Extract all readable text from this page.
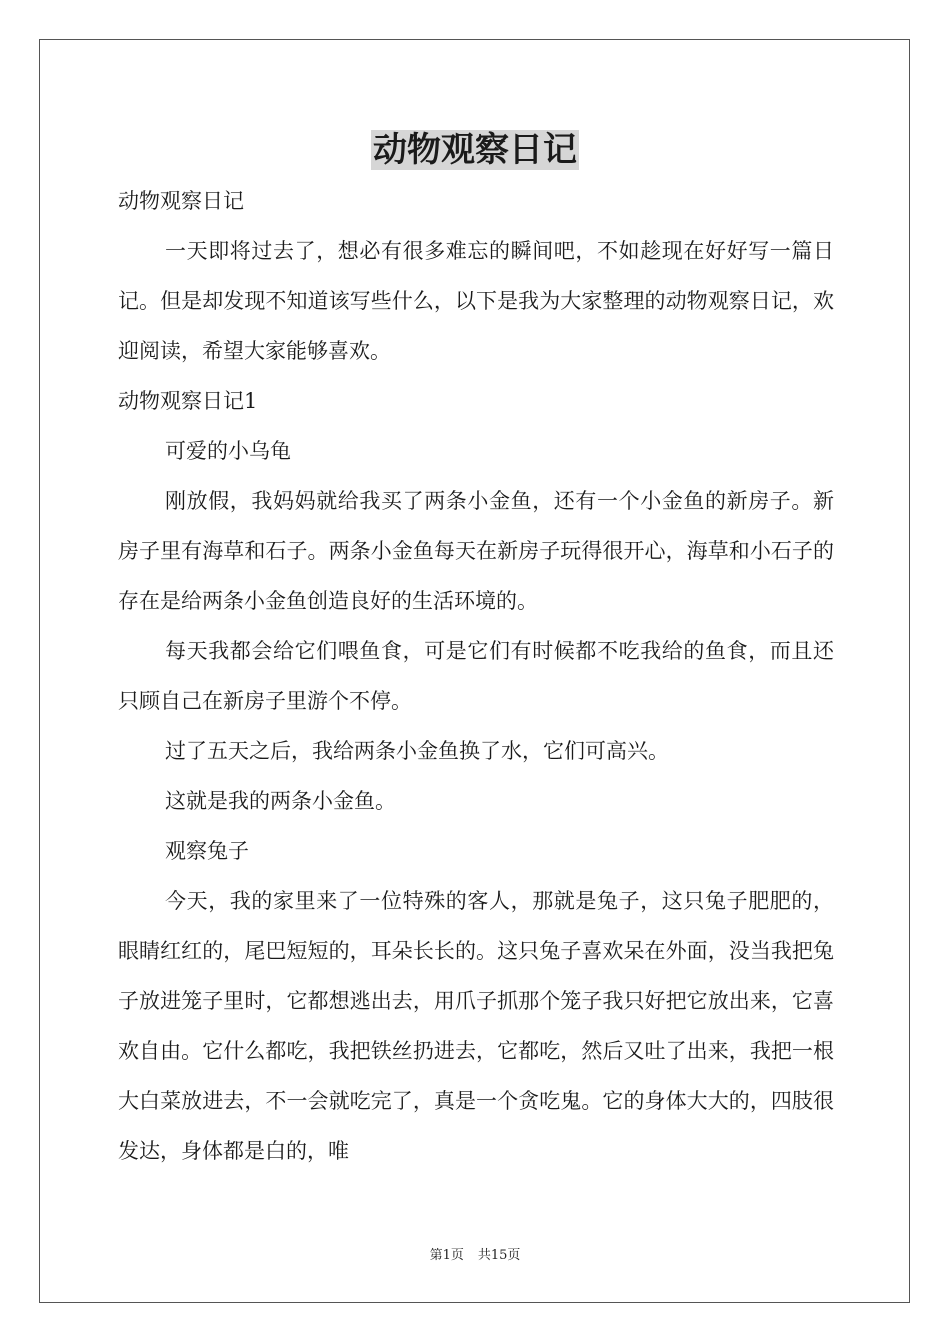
动物观察日记

动物观察日记

一天即将过去了，想必有很多难忘的瞬间吧，不如趁现在好好写一篇日记。但是却发现不知道该写些什么，以下是我为大家整理的动物观察日记，欢迎阅读，希望大家能够喜欢。

动物观察日记1

可爱的小乌龟

刚放假，我妈妈就给我买了两条小金鱼，还有一个小金鱼的新房子。新房子里有海草和石子。两条小金鱼每天在新房子玩得很开心，海草和小石子的存在是给两条小金鱼创造良好的生活环境的。

每天我都会给它们喂鱼食，可是它们有时候都不吃我给的鱼食，而且还只顾自己在新房子里游个不停。

过了五天之后，我给两条小金鱼换了水，它们可高兴。

这就是我的两条小金鱼。

观察兔子

今天，我的家里来了一位特殊的客人，那就是兔子，这只兔子肥肥的，眼睛红红的，尾巴短短的，耳朵长长的。这只兔子喜欢呆在外面，没当我把兔子放进笼子里时，它都想逃出去，用爪子抓那个笼子我只好把它放出来，它喜欢自由。它什么都吃，我把铁丝扔进去，它都吃，然后又吐了出来，我把一根大白菜放进去，不一会就吃完了，真是一个贪吃鬼。它的身体大大的，四肢很发达，身体都是白的，唯

第1页 共15页
